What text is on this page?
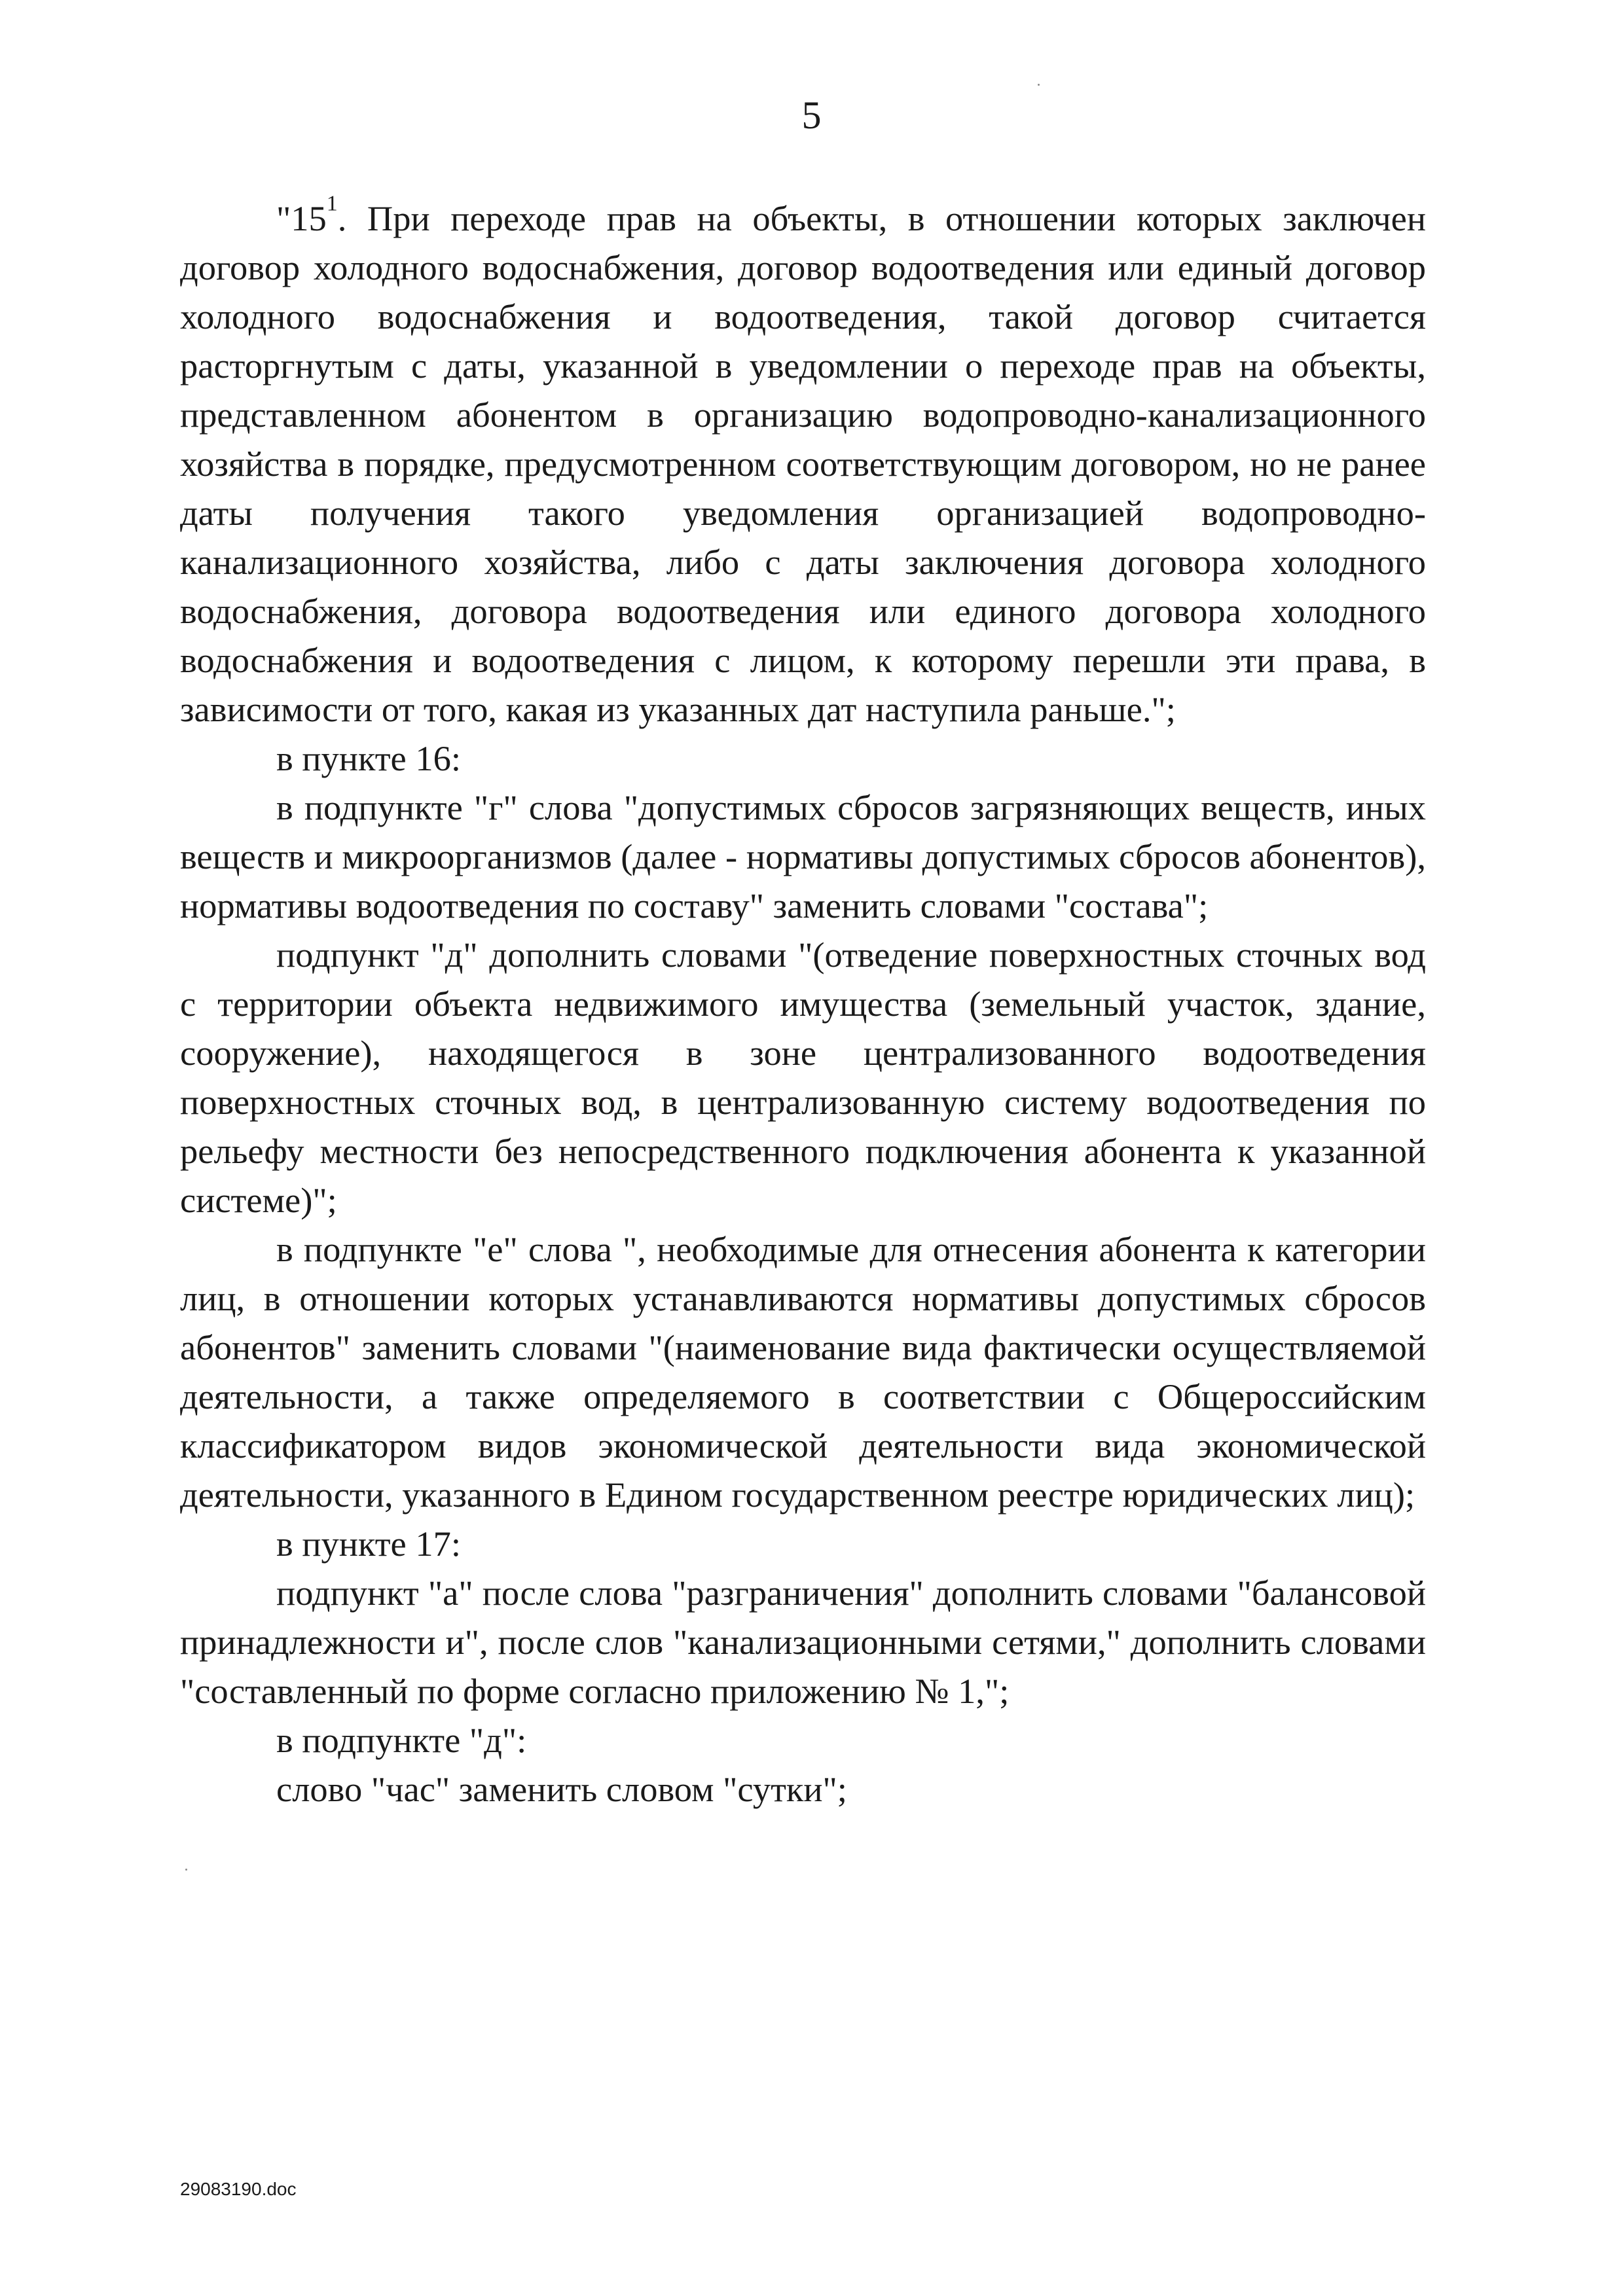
5

"$15^1$. При переходе прав на объекты, в отношении которых заключен договор холодного водоснабжения, договор водоотведения или единый договор холодного водоснабжения и водоотведения, такой договор считается расторгнутым с даты, указанной в уведомлении о переходе прав на объекты, представленном абонентом в организацию водопроводно-канализационного хозяйства в порядке, предусмотренном соответствующим договором, но не ранее даты получения такого уведомления организацией водопроводно-канализационного хозяйства, либо с даты заключения договора холодного водоснабжения, договора водоотведения или единого договора холодного водоснабжения и водоотведения с лицом, к которому перешли эти права, в зависимости от того, какая из указанных дат наступила раньше.";

в пункте 16:

в подпункте "г" слова "допустимых сбросов загрязняющих веществ, иных веществ и микроорганизмов (далее - нормативы допустимых сбросов абонентов), нормативы водоотведения по составу" заменить словами "состава";

подпункт "д" дополнить словами "(отведение поверхностных сточных вод с территории объекта недвижимого имущества (земельный участок, здание, сооружение), находящегося в зоне централизованного водоотведения поверхностных сточных вод, в централизованную систему водоотведения по рельефу местности без непосредственного подключения абонента к указанной системе)";

в подпункте "е" слова ", необходимые для отнесения абонента к категории лиц, в отношении которых устанавливаются нормативы допустимых сбросов абонентов" заменить словами "(наименование вида фактически осуществляемой деятельности, а также определяемого в соответствии с Общероссийским классификатором видов экономической деятельности вида экономической деятельности, указанного в Едином государственном реестре юридических лиц);

в пункте 17:

подпункт "а" после слова "разграничения" дополнить словами "балансовой принадлежности и", после слов "канализационными сетями," дополнить словами "составленный по форме согласно приложению № 1,";

в подпункте "д":

слово "час" заменить словом "сутки";

29083190.doc
